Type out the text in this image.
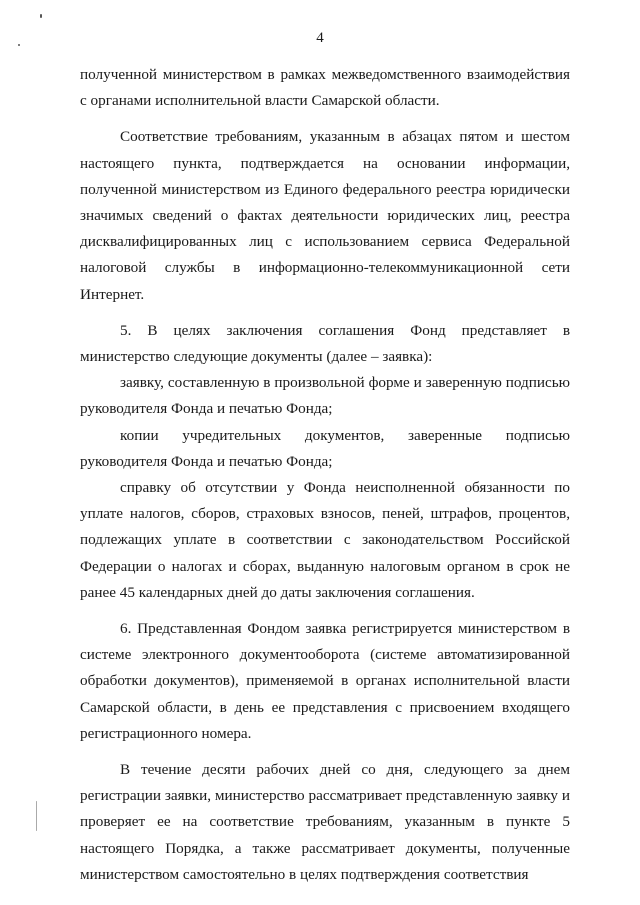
4

полученной министерством в рамках межведомственного взаимодействия с органами исполнительной власти Самарской области.

Соответствие требованиям, указанным в абзацах пятом и шестом настоящего пункта, подтверждается на основании информации, полученной министерством из Единого федерального реестра юридически значимых сведений о фактах деятельности юридических лиц, реестра дисквалифицированных лиц с использованием сервиса Федеральной налоговой службы в информационно-телекоммуникационной сети Интернет.

5. В целях заключения соглашения Фонд представляет в министерство следующие документы (далее – заявка):

заявку, составленную в произвольной форме и заверенную подписью руководителя Фонда и печатью Фонда;

копии учредительных документов, заверенные подписью руководителя Фонда и печатью Фонда;

справку об отсутствии у Фонда неисполненной обязанности по уплате налогов, сборов, страховых взносов, пеней, штрафов, процентов, подлежащих уплате в соответствии с законодательством Российской Федерации о налогах и сборах, выданную налоговым органом в срок не ранее 45 календарных дней до даты заключения соглашения.

6. Представленная Фондом заявка регистрируется министерством в системе электронного документооборота (системе автоматизированной обработки документов), применяемой в органах исполнительной власти Самарской области, в день ее представления с присвоением входящего регистрационного номера.

В течение десяти рабочих дней со дня, следующего за днем регистрации заявки, министерство рассматривает представленную заявку и проверяет ее на соответствие требованиям, указанным в пункте 5 настоящего Порядка, а также рассматривает документы, полученные министерством самостоятельно в целях подтверждения соответствия
